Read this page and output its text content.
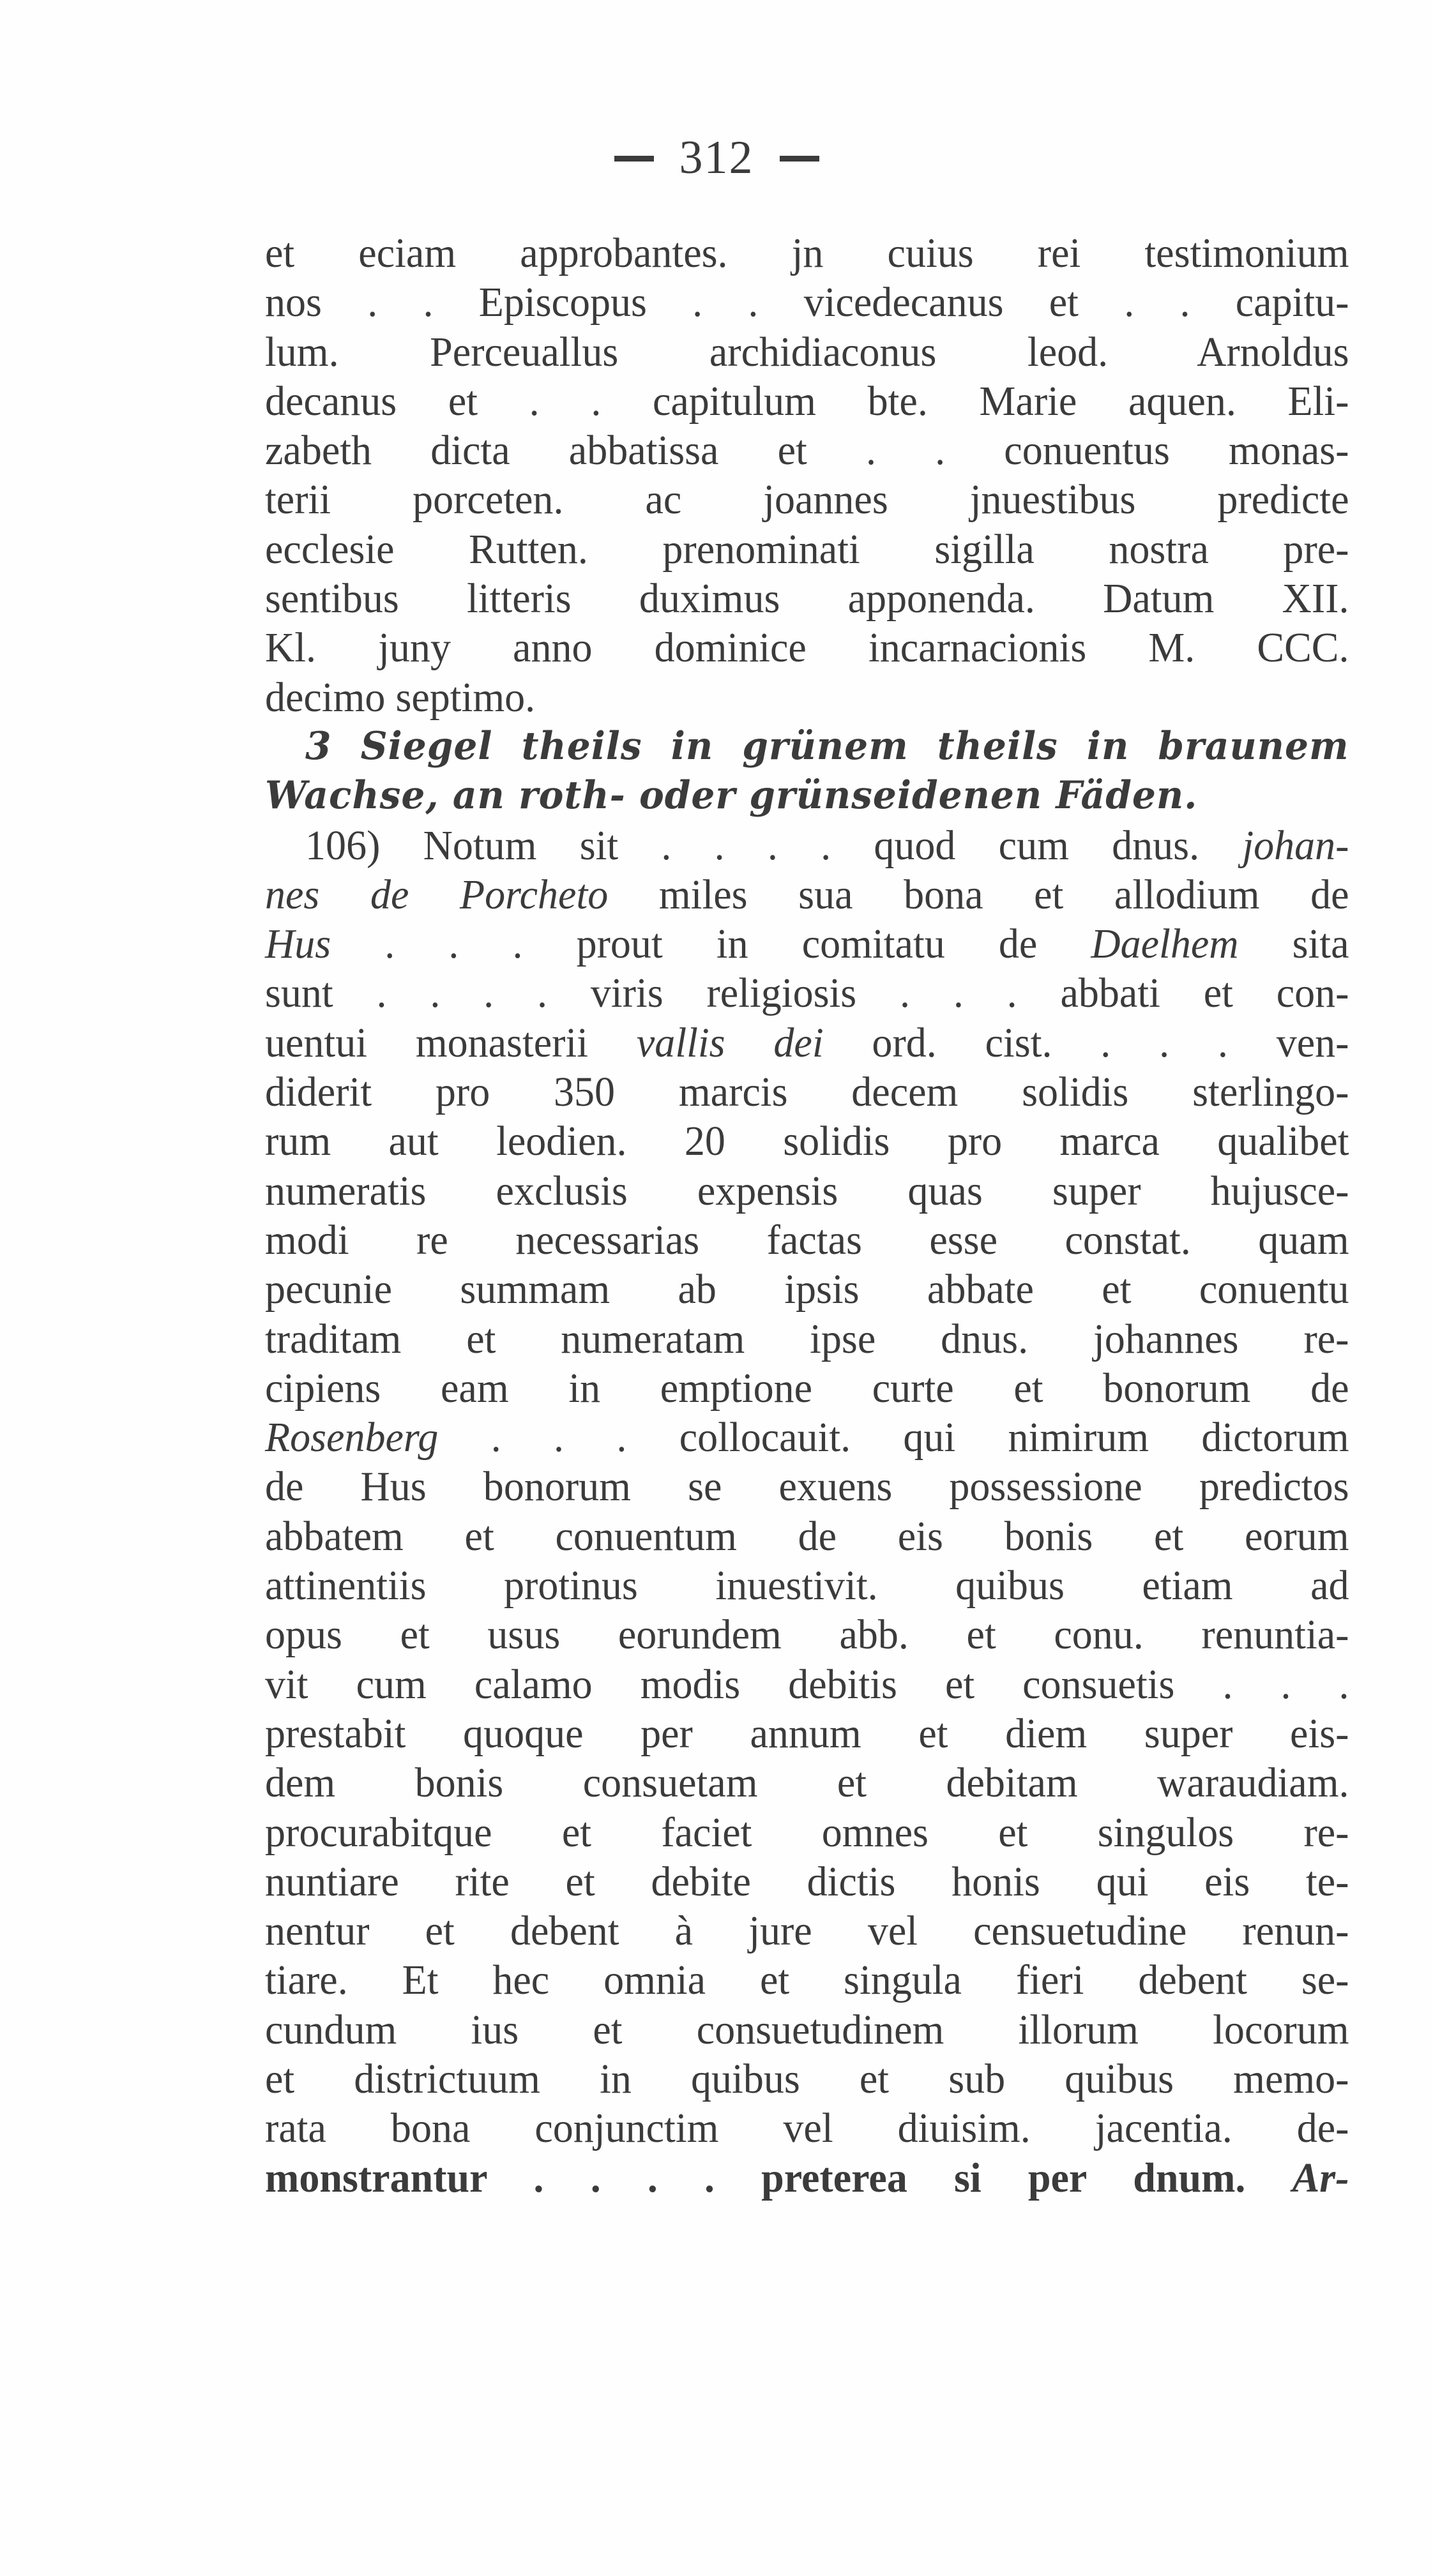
312
et eciam approbantes. jn cuius rei testimonium
nos . . Episcopus . . vicedecanus et . . capitu-
lum. Perceuallus archidiaconus leod. Arnoldus
decanus et . . capitulum bte. Marie aquen. Eli-
zabeth dicta abbatissa et . . conuentus monas-
terii porceten. ac joannes jnuestibus predicte
ecclesie Rutten. prenominati sigilla nostra pre-
sentibus litteris duximus apponenda. Datum XII.
Kl. juny anno dominice incarnacionis M. CCC.
decimo septimo.
3 Siegel theils in grünem theils in braunem
Wachse, an roth- oder grünseidenen Fäden.
106) Notum sit . . . . quod cum dnus. johan-
nes de Porcheto miles sua bona et allodium de
Hus . . . prout in comitatu de Daelhem sita
sunt . . . . viris religiosis . . . abbati et con-
uentui monasterii vallis dei ord. cist. . . . ven-
diderit pro 350 marcis decem solidis sterlingo-
rum aut leodien. 20 solidis pro marca qualibet
numeratis exclusis expensis quas super hujusce-
modi re necessarias factas esse constat. quam
pecunie summam ab ipsis abbate et conuentu
traditam et numeratam ipse dnus. johannes re-
cipiens eam in emptione curte et bonorum de
Rosenberg . . . collocauit. qui nimirum dictorum
de Hus bonorum se exuens possessione predictos
abbatem et conuentum de eis bonis et eorum
attinentiis protinus inuestivit. quibus etiam ad
opus et usus eorundem abb. et conu. renuntia-
vit cum calamo modis debitis et consuetis . . .
prestabit quoque per annum et diem super eis-
dem bonis consuetam et debitam waraudiam.
procurabitque et faciet omnes et singulos re-
nuntiare rite et debite dictis honis qui eis te-
nentur et debent à jure vel censuetudine renun-
tiare. Et hec omnia et singula fieri debent se-
cundum ius et consuetudinem illorum locorum
et districtuum in quibus et sub quibus memo-
rata bona conjunctim vel diuisim. jacentia. de-
monstrantur . . . . preterea si per dnum. Ar-
